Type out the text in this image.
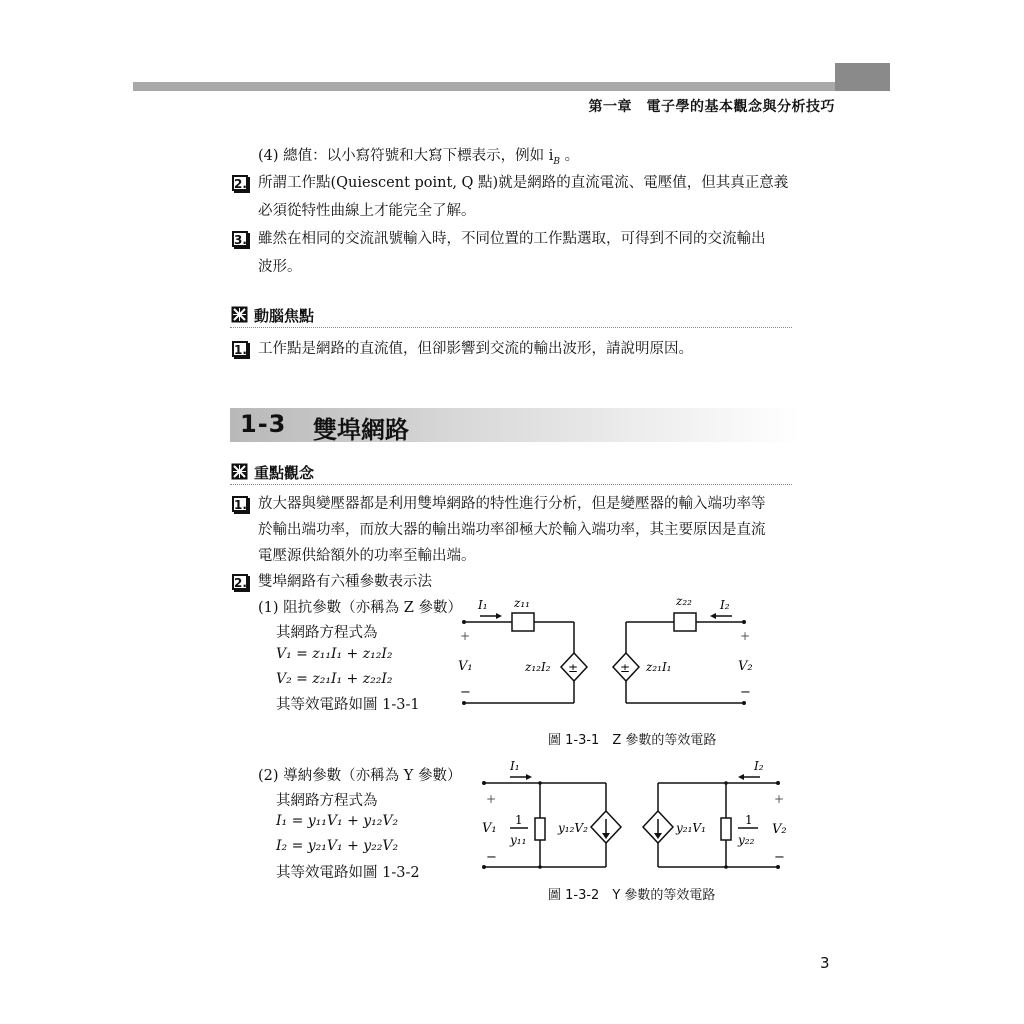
第一章　電子學的基本觀念與分析技巧
(4) 總值：以小寫符號和大寫下標表示，例如 $i_B$ 。
2. 所謂工作點(Quiescent point, Q 點)就是網路的直流電流、電壓值，但其真正意義
必須從特性曲線上才能完全了解。
3. 雖然在相同的交流訊號輸入時，不同位置的工作點選取，可得到不同的交流輸出
波形。
動腦焦點
1. 工作點是網路的直流值，但卻影響到交流的輸出波形，請說明原因。
1-3 雙埠網路
重點觀念
1. 放大器與變壓器都是利用雙埠網路的特性進行分析，但是變壓器的輸入端功率等
於輸出端功率，而放大器的輸出端功率卻極大於輸入端功率，其主要原因是直流
電壓源供給額外的功率至輸出端。
2. 雙埠網路有六種參數表示法
(1) 阻抗參數（亦稱為 Z 參數）
其網路方程式為
V₁ = z₁₁I₁ + z₁₂I₂
V₂ = z₂₁I₁ + z₂₂I₂
其等效電路如圖 1-3-1
I₁ z₁₁	z₂₂ I₂
+	+
−	−
V₁	V₂
z₁₂I₂	z₂₁I₁
±	±
圖 1-3-1　Z 參數的等效電路
(2) 導納參數（亦稱為 Y 參數）
其網路方程式為
I₁ = y₁₁V₁ + y₁₂V₂
I₂ = y₂₁V₁ + y₂₂V₂
其等效電路如圖 1-3-2
I₁	I₂
+	+
−	−
V₁	V₂
1
y₁₁
1
y₂₂
y₁₂V₂	y₂₁V₁
圖 1-3-2　Y 參數的等效電路
3
